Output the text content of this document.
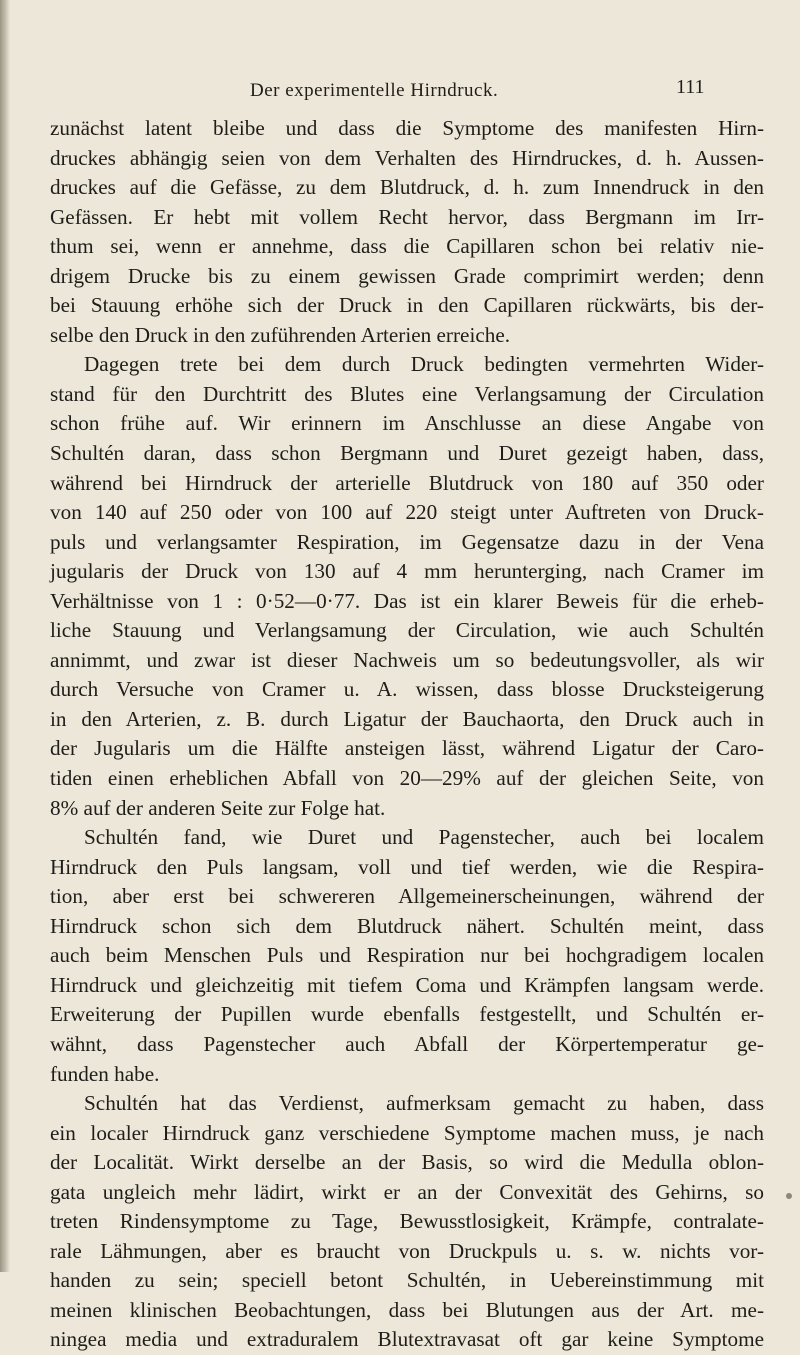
Der experimentelle Hirndruck.	111
zunächst latent bleibe und dass die Symptome des manifesten Hirn-
druckes abhängig seien von dem Verhalten des Hirndruckes, d. h. Aussen-
druckes auf die Gefässe, zu dem Blutdruck, d. h. zum Innendruck in den
Gefässen. Er hebt mit vollem Recht hervor, dass Bergmann im Irr-
thum sei, wenn er annehme, dass die Capillaren schon bei relativ nie-
drigem Drucke bis zu einem gewissen Grade comprimirt werden; denn
bei Stauung erhöhe sich der Druck in den Capillaren rückwärts, bis der-
selbe den Druck in den zuführenden Arterien erreiche.
Dagegen trete bei dem durch Druck bedingten vermehrten Wider-
stand für den Durchtritt des Blutes eine Verlangsamung der Circulation
schon frühe auf. Wir erinnern im Anschlusse an diese Angabe von
Schultén daran, dass schon Bergmann und Duret gezeigt haben, dass,
während bei Hirndruck der arterielle Blutdruck von 180 auf 350 oder
von 140 auf 250 oder von 100 auf 220 steigt unter Auftreten von Druck-
puls und verlangsamter Respiration, im Gegensatze dazu in der Vena
jugularis der Druck von 130 auf 4 mm herunterging, nach Cramer im
Verhältnisse von 1 : 0·52—0·77. Das ist ein klarer Beweis für die erheb-
liche Stauung und Verlangsamung der Circulation, wie auch Schultén
annimmt, und zwar ist dieser Nachweis um so bedeutungsvoller, als wir
durch Versuche von Cramer u. A. wissen, dass blosse Drucksteigerung
in den Arterien, z. B. durch Ligatur der Bauchaorta, den Druck auch in
der Jugularis um die Hälfte ansteigen lässt, während Ligatur der Caro-
tiden einen erheblichen Abfall von 20—29% auf der gleichen Seite, von
8% auf der anderen Seite zur Folge hat.
Schultén fand, wie Duret und Pagenstecher, auch bei localem
Hirndruck den Puls langsam, voll und tief werden, wie die Respira-
tion, aber erst bei schwereren Allgemeinerscheinungen, während der
Hirndruck schon sich dem Blutdruck nähert. Schultén meint, dass
auch beim Menschen Puls und Respiration nur bei hochgradigem localen
Hirndruck und gleichzeitig mit tiefem Coma und Krämpfen langsam werde.
Erweiterung der Pupillen wurde ebenfalls festgestellt, und Schultén er-
wähnt, dass Pagenstecher auch Abfall der Körpertemperatur ge-
funden habe.
Schultén hat das Verdienst, aufmerksam gemacht zu haben, dass
ein localer Hirndruck ganz verschiedene Symptome machen muss, je nach
der Localität. Wirkt derselbe an der Basis, so wird die Medulla oblon-
gata ungleich mehr lädirt, wirkt er an der Convexität des Gehirns, so
treten Rindensymptome zu Tage, Bewusstlosigkeit, Krämpfe, contralate-
rale Lähmungen, aber es braucht von Druckpuls u. s. w. nichts vor-
handen zu sein; speciell betont Schultén, in Uebereinstimmung mit
meinen klinischen Beobachtungen, dass bei Blutungen aus der Art. me-
ningea media und extraduralem Blutextravasat oft gar keine Symptome
